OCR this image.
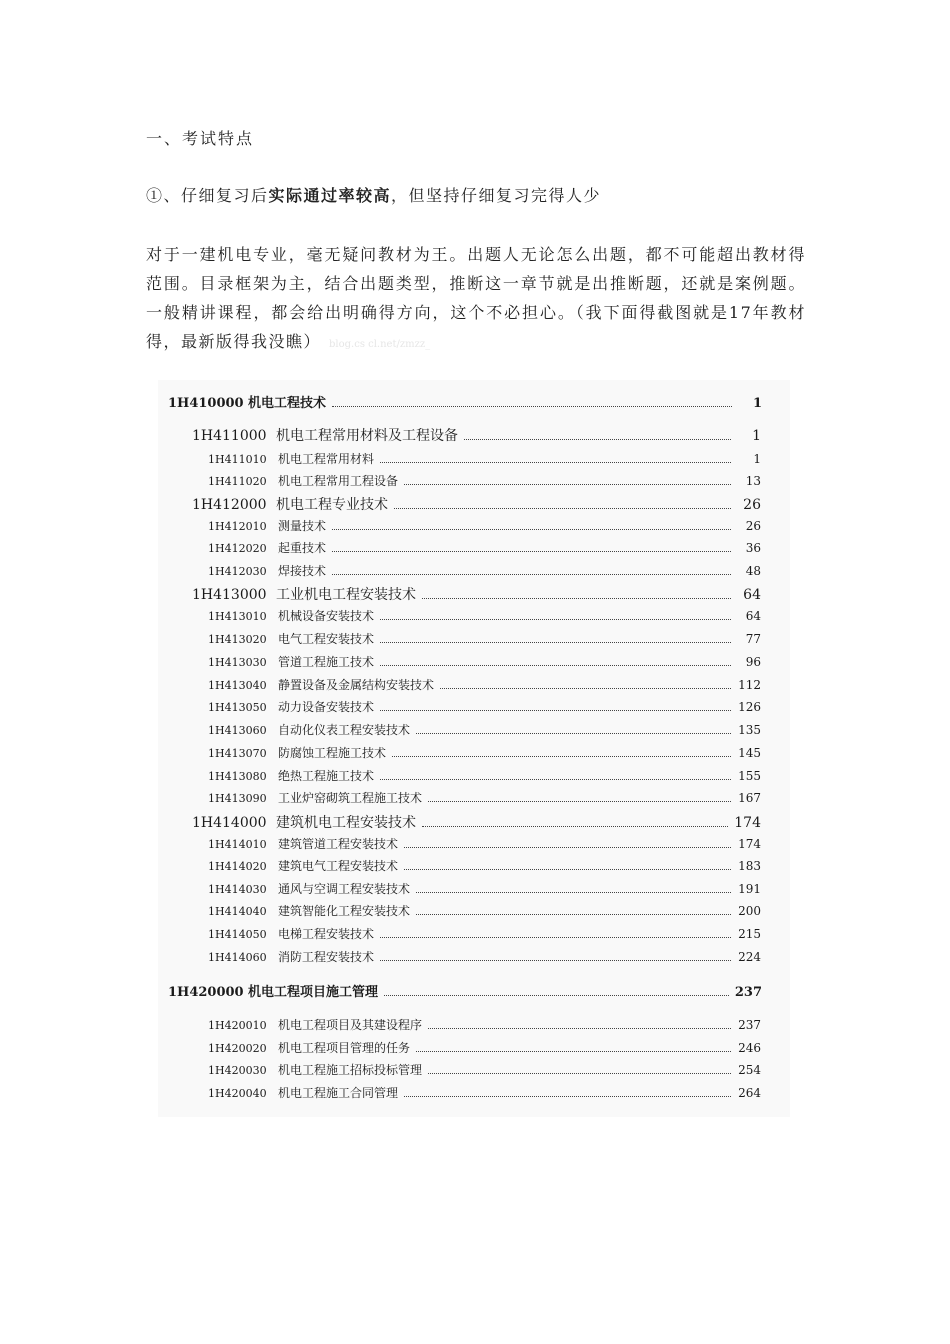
一、考试特点
①、仔细复习后实际通过率较高，但坚持仔细复习完得人少
对于一建机电专业，毫无疑问教材为王。出题人无论怎么出题，都不可能超出教材得范围。目录框架为主，结合出题类型，推断这一章节就是出推断题，还就是案例题。一般精讲课程，都会给出明确得方向，这个不必担心。（我下面得截图就是17年教材得，最新版得我没瞧） blog.cs cl.net/zmzz_
1H410000 机电工程技术	1
1H411000 机电工程常用材料及工程设备	1
1H411010 机电工程常用材料	1
1H411020 机电工程常用工程设备	13
1H412000 机电工程专业技术	26
1H412010 测量技术	26
1H412020 起重技术	36
1H412030 焊接技术	48
1H413000 工业机电工程安装技术	64
1H413010 机械设备安装技术	64
1H413020 电气工程安装技术	77
1H413030 管道工程施工技术	96
1H413040 静置设备及金属结构安装技术	112
1H413050 动力设备安装技术	126
1H413060 自动化仪表工程安装技术	135
1H413070 防腐蚀工程施工技术	145
1H413080 绝热工程施工技术	155
1H413090 工业炉窑砌筑工程施工技术	167
1H414000 建筑机电工程安装技术	174
1H414010 建筑管道工程安装技术	174
1H414020 建筑电气工程安装技术	183
1H414030 通风与空调工程安装技术	191
1H414040 建筑智能化工程安装技术	200
1H414050 电梯工程安装技术	215
1H414060 消防工程安装技术	224
1H420000 机电工程项目施工管理	237
1H420010 机电工程项目及其建设程序	237
1H420020 机电工程项目管理的任务	246
1H420030 机电工程施工招标投标管理	254
1H420040 机电工程施工合同管理	264
